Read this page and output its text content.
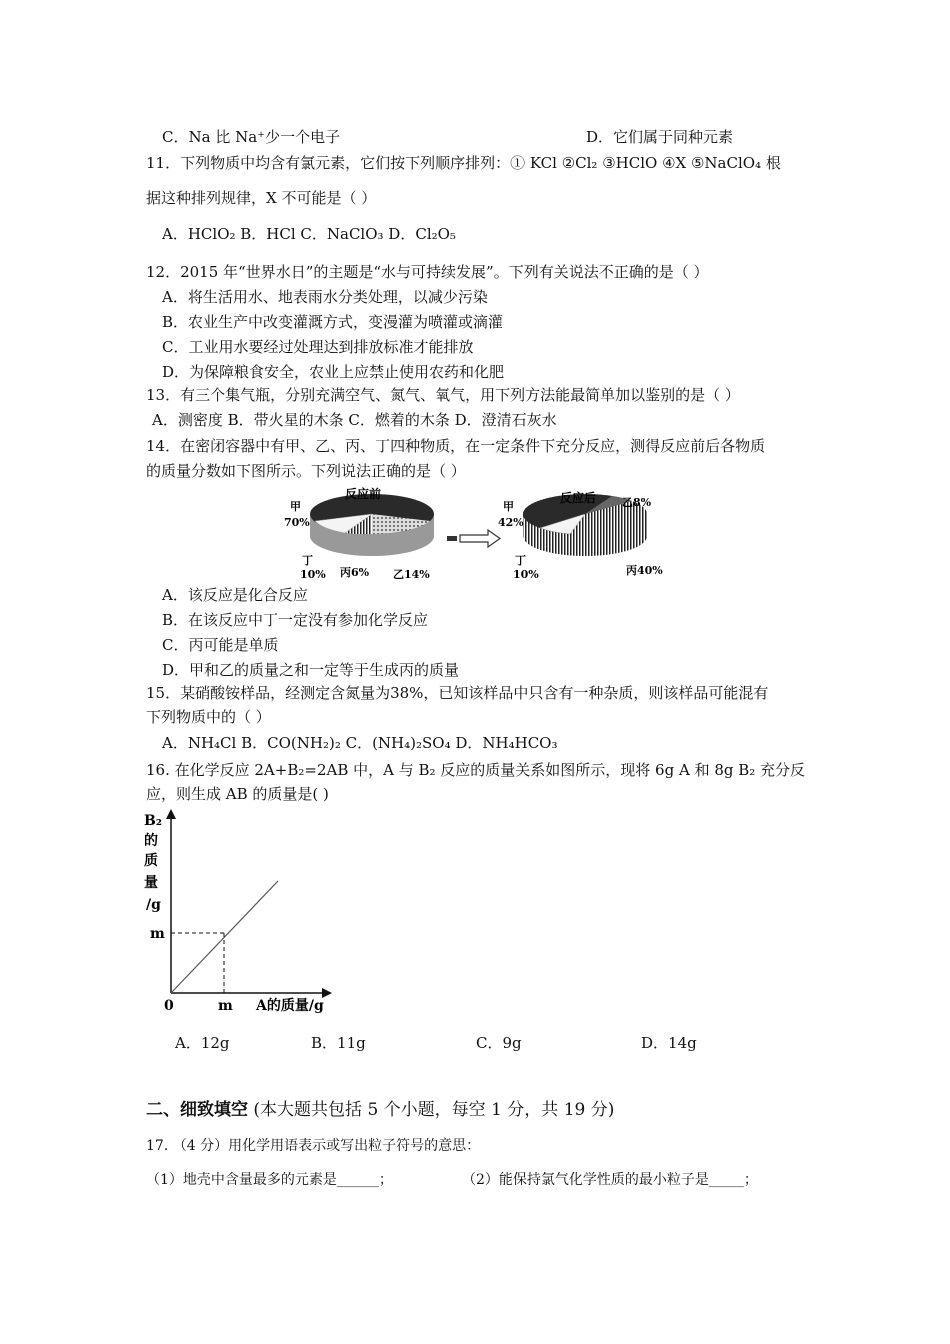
C．Na 比 Na⁺少一个电子	D．它们属于同种元素
11．下列物质中均含有氯元素，它们按下列顺序排列：① KCl ②Cl₂ ③HClO ④X ⑤NaClO₄ 根
据这种排列规律，X 不可能是（ ）
A．HClO₂ B．HCl C．NaClO₃ D．Cl₂O₅
12．2015 年“世界水日”的主题是“水与可持续发展”。下列有关说法不正确的是（ ）
A．将生活用水、地表雨水分类处理，以减少污染
B．农业生产中改变灌溉方式，变漫灌为喷灌或滴灌
C．工业用水要经过处理达到排放标准才能排放
D．为保障粮食安全，农业上应禁止使用农药和化肥
13．有三个集气瓶，分别充满空气、氮气、氧气，用下列方法能最简单加以鉴别的是（ ）
A．测密度 B．带火星的木条 C．燃着的木条 D．澄清石灰水
14．在密闭容器中有甲、乙、丙、丁四种物质，在一定条件下充分反应，测得反应前后各物质
的质量分数如下图所示。下列说法正确的是（ ）
反应前
甲
70%
丁
10% 丙6% 乙14%
反应后
甲
42%
乙8%
丁
10%	丙40%
A．该反应是化合反应
B．在该反应中丁一定没有参加化学反应
C．丙可能是单质
D．甲和乙的质量之和一定等于生成丙的质量
15．某硝酸铵样品，经测定含氮量为38%，已知该样品中只含有一种杂质，则该样品可能混有
下列物质中的（ ）
A．NH₄Cl B．CO(NH₂)₂ C．(NH₄)₂SO₄ D．NH₄HCO₃
16. 在化学反应 2A+B₂=2AB 中，A 与 B₂ 反应的质量关系如图所示，现将 6g A 和 8g B₂ 充分反
应，则生成 AB 的质量是( )
B₂
的
质
量
/g
m
0	m A的质量/g
A．12g	B．11g	C．9g	D．14g
二、细致填空 (本大题共包括 5 个小题，每空 1 分，共 19 分)
17. （4 分）用化学用语表示或写出粒子符号的意思：
（1）地壳中含量最多的元素是______；	（2）能保持氯气化学性质的最小粒子是_____；
